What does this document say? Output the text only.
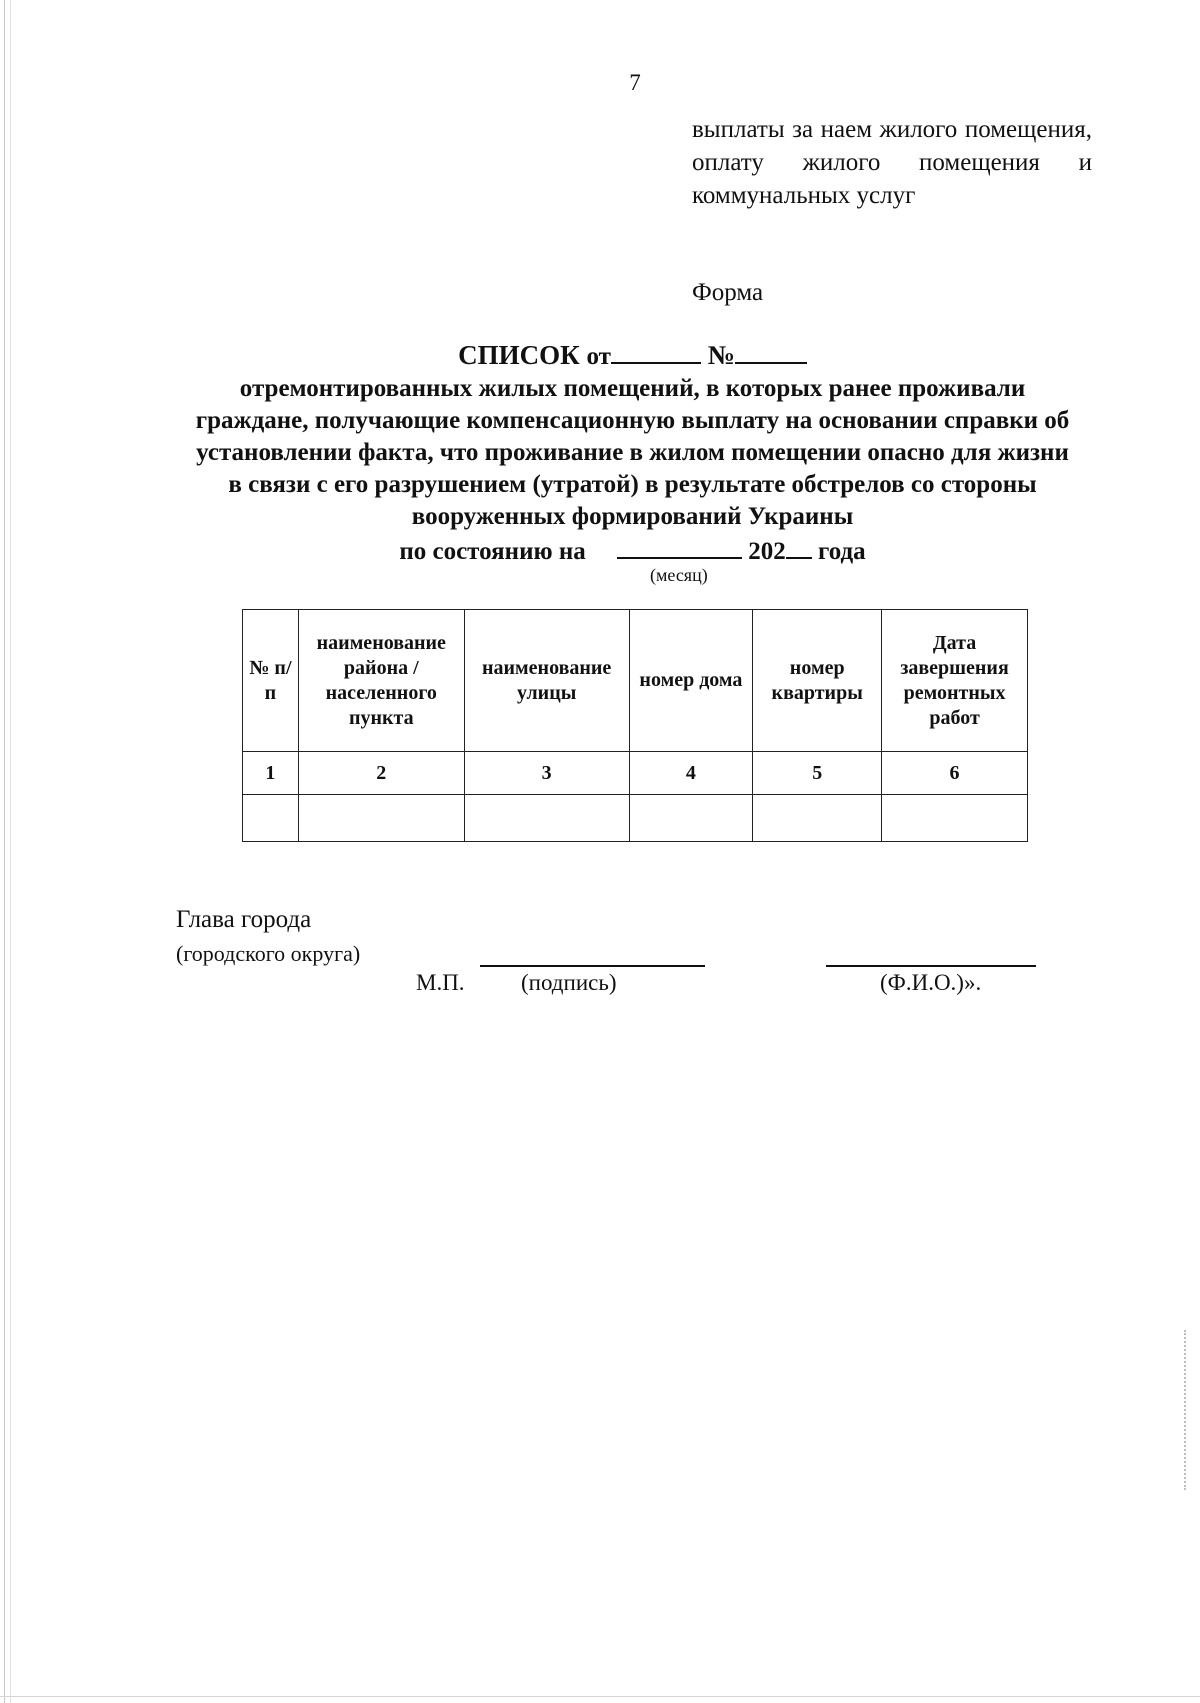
7
выплаты за наем жилого помещения, оплату жилого помещения и коммунальных услуг
Форма
СПИСОК от	№
отремонтированных жилых помещений, в которых ранее проживали граждане, получающие компенсационную выплату на основании справки об установлении факта, что проживание в жилом помещении опасно для жизни в связи с его разрушением (утратой) в результате обстрелов со стороны вооруженных формирований Украины
по состоянию на	202 года
(месяц)
№ п/п	наименование района / населенного пункта	наименование улицы	номер дома	номер квартиры	Дата завершения ремонтных работ
1	2	3	4	5	6

Глава города
(городского округа)
М.П. (подпись)	(Ф.И.О.)».
